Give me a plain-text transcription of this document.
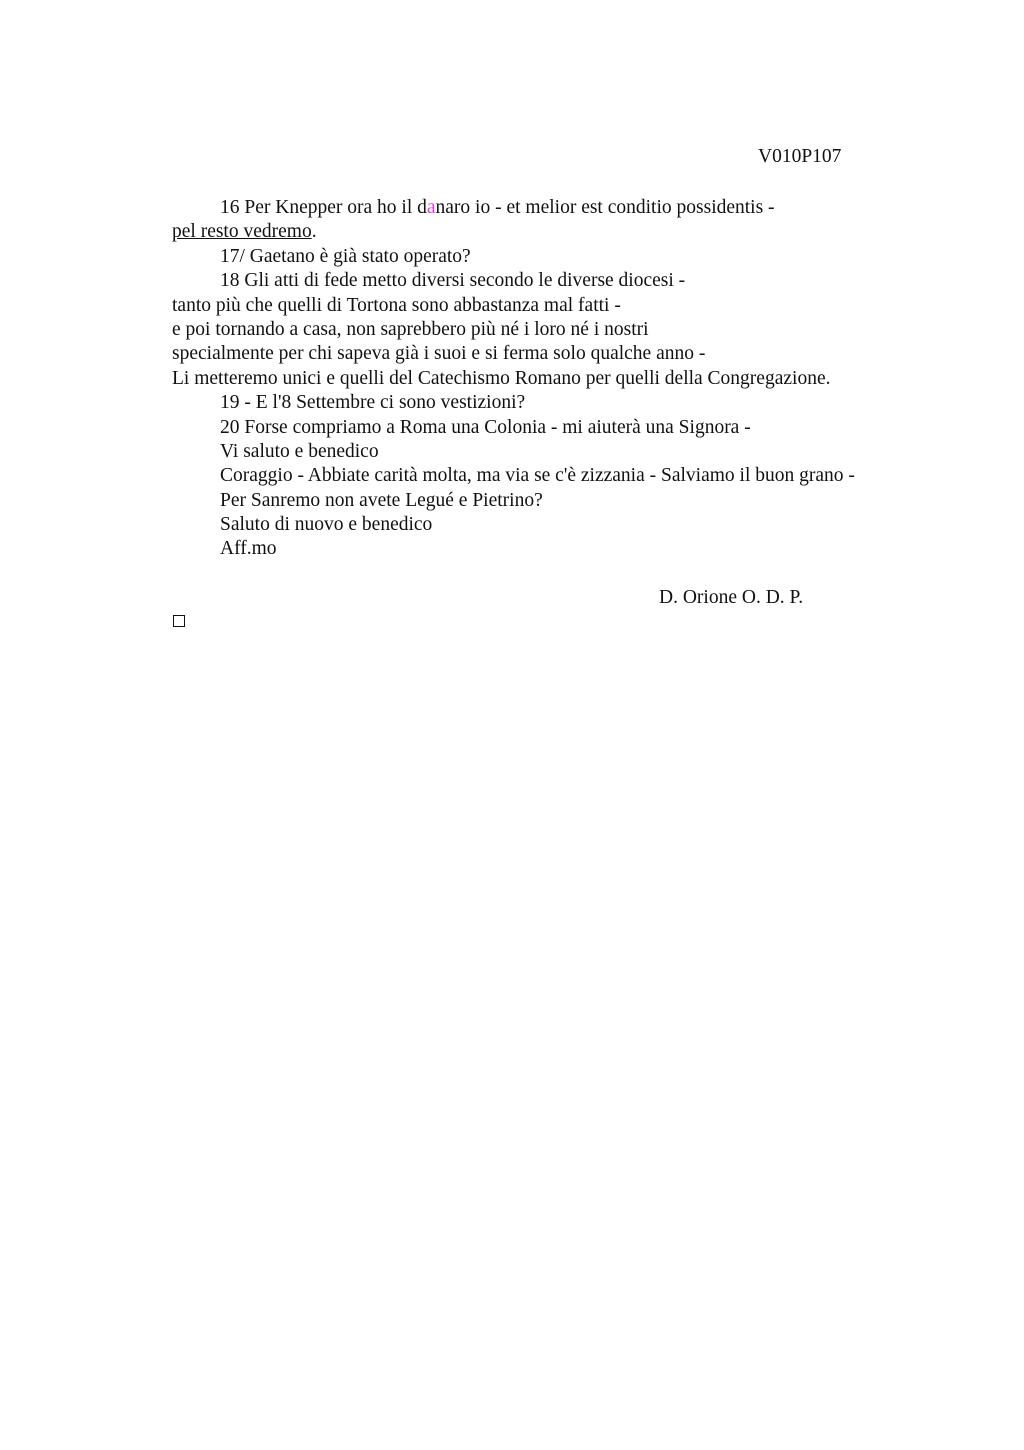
V010P107
16 Per Knepper ora ho il danaro io - et melior est conditio possidentis -
pel resto vedremo.
17/ Gaetano è già stato operato?
18 Gli atti di fede metto diversi secondo le diverse diocesi -
tanto più che quelli di Tortona sono abbastanza mal fatti -
e poi tornando a casa, non saprebbero più né i loro né i nostri
specialmente per chi sapeva già i suoi e si ferma solo qualche anno -
Li metteremo unici e quelli del Catechismo Romano per quelli della Congregazione.
19 - E l'8 Settembre ci sono vestizioni?
20 Forse compriamo a Roma una Colonia - mi aiuterà una Signora -
Vi saluto e benedico
Coraggio - Abbiate carità molta, ma via se c'è zizzania - Salviamo il buon grano -
Per Sanremo non avete Legué e Pietrino?
Saluto di nuovo e benedico
Aff.mo
D. Orione O. D. P.
